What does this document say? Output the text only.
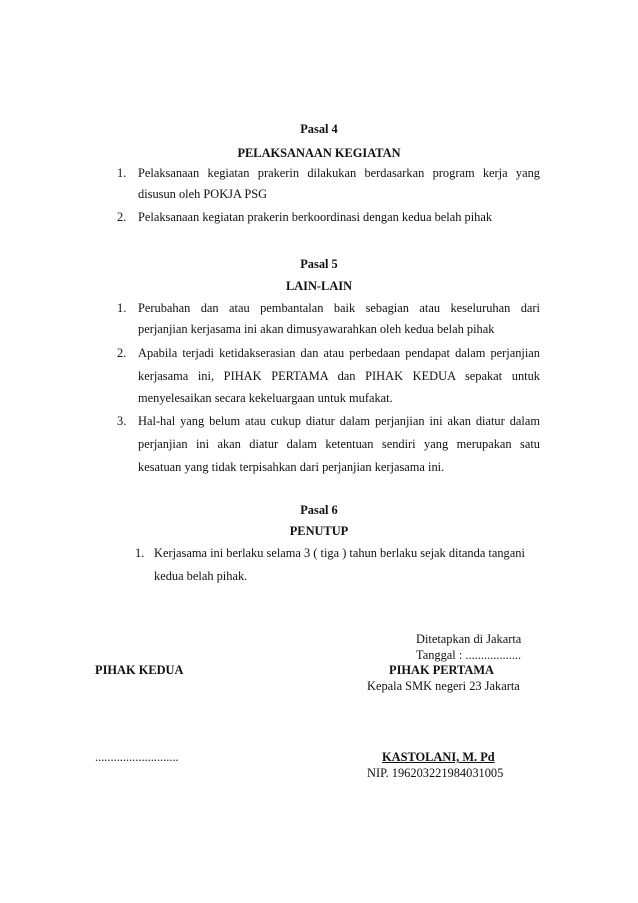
Pasal 4
PELAKSANAAN KEGIATAN
1. Pelaksanaan kegiatan prakerin dilakukan berdasarkan program kerja yang
disusun oleh POKJA PSG
2. Pelaksanaan kegiatan prakerin berkoordinasi dengan kedua belah pihak
Pasal 5
LAIN-LAIN
1. Perubahan dan atau pembantalan baik sebagian atau keseluruhan dari
perjanjian kerjasama ini akan dimusyawarahkan oleh kedua belah pihak
2. Apabila terjadi ketidakserasian dan atau perbedaan pendapat dalam perjanjian
kerjasama ini, PIHAK PERTAMA dan PIHAK KEDUA sepakat untuk
menyelesaikan secara kekeluargaan untuk mufakat.
3. Hal-hal yang belum atau cukup diatur dalam perjanjian ini akan diatur dalam
perjanjian ini akan diatur dalam ketentuan sendiri yang merupakan satu
kesatuan yang tidak terpisahkan dari perjanjian kerjasama ini.
Pasal 6
PENUTUP
1. Kerjasama ini berlaku selama 3 ( tiga ) tahun berlaku sejak ditanda tangani
kedua belah pihak.
Ditetapkan di Jakarta
Tanggal : ..................
PIHAK KEDUA	PIHAK PERTAMA
Kepala SMK negeri 23 Jakarta
...........................	KASTOLANI, M. Pd
NIP. 196203221984031005
